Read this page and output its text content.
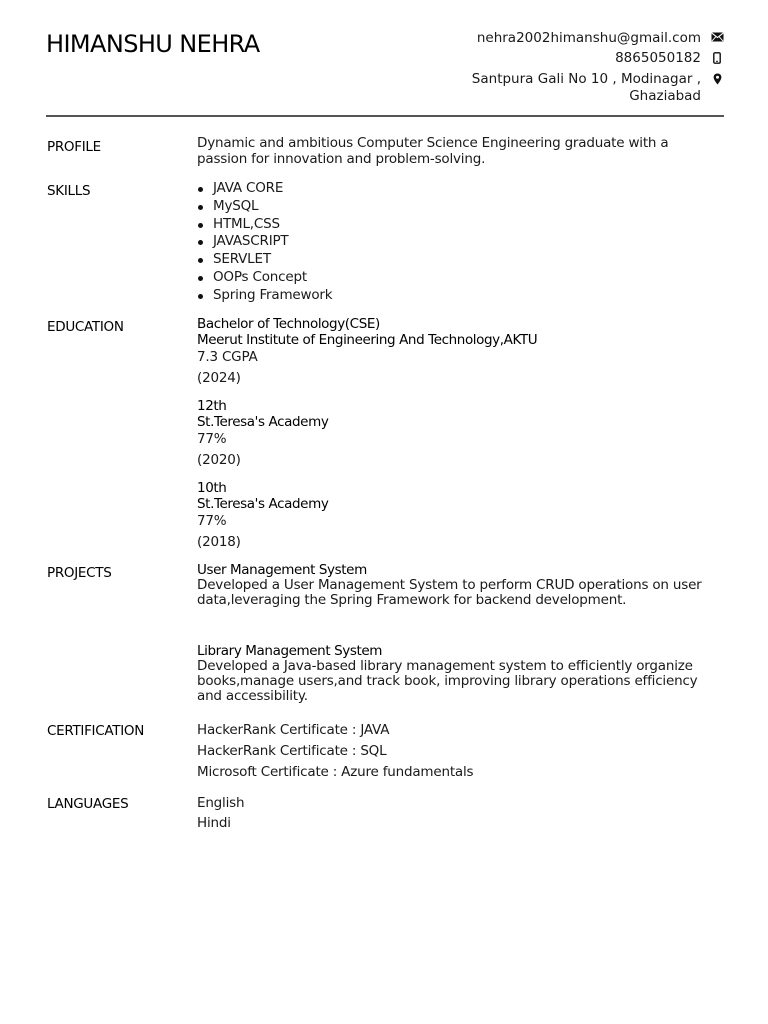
HIMANSHU NEHRA	nehra2002himanshu@gmail.com
8865050182
Santpura Gali No 10 , Modinagar ,
Ghaziabad
PROFILE	Dynamic and ambitious Computer Science Engineering graduate with a passion for innovation and problem-solving.

SKILLS	JAVA CORE
MySQL
HTML,CSS
JAVASCRIPT
SERVLET
OOPs Concept
Spring Framework
EDUCATION	Bachelor of Technology(CSE)
Meerut Institute of Engineering And Technology,AKTU
7.3 CGPA
(2024)
12th
St.Teresa's Academy
77%
(2020)
10th
St.Teresa's Academy
77%
(2018)
PROJECTS	User Management System
Developed a User Management System to perform CRUD operations on user data,leveraging the Spring Framework for backend development.
Library Management System
Developed a Java-based library management system to efficiently organize books,manage users,and track book, improving library operations efficiency and accessibility.
CERTIFICATION	HackerRank Certificate : JAVA
HackerRank Certificate : SQL
Microsoft Certificate : Azure fundamentals
LANGUAGES	English
Hindi
